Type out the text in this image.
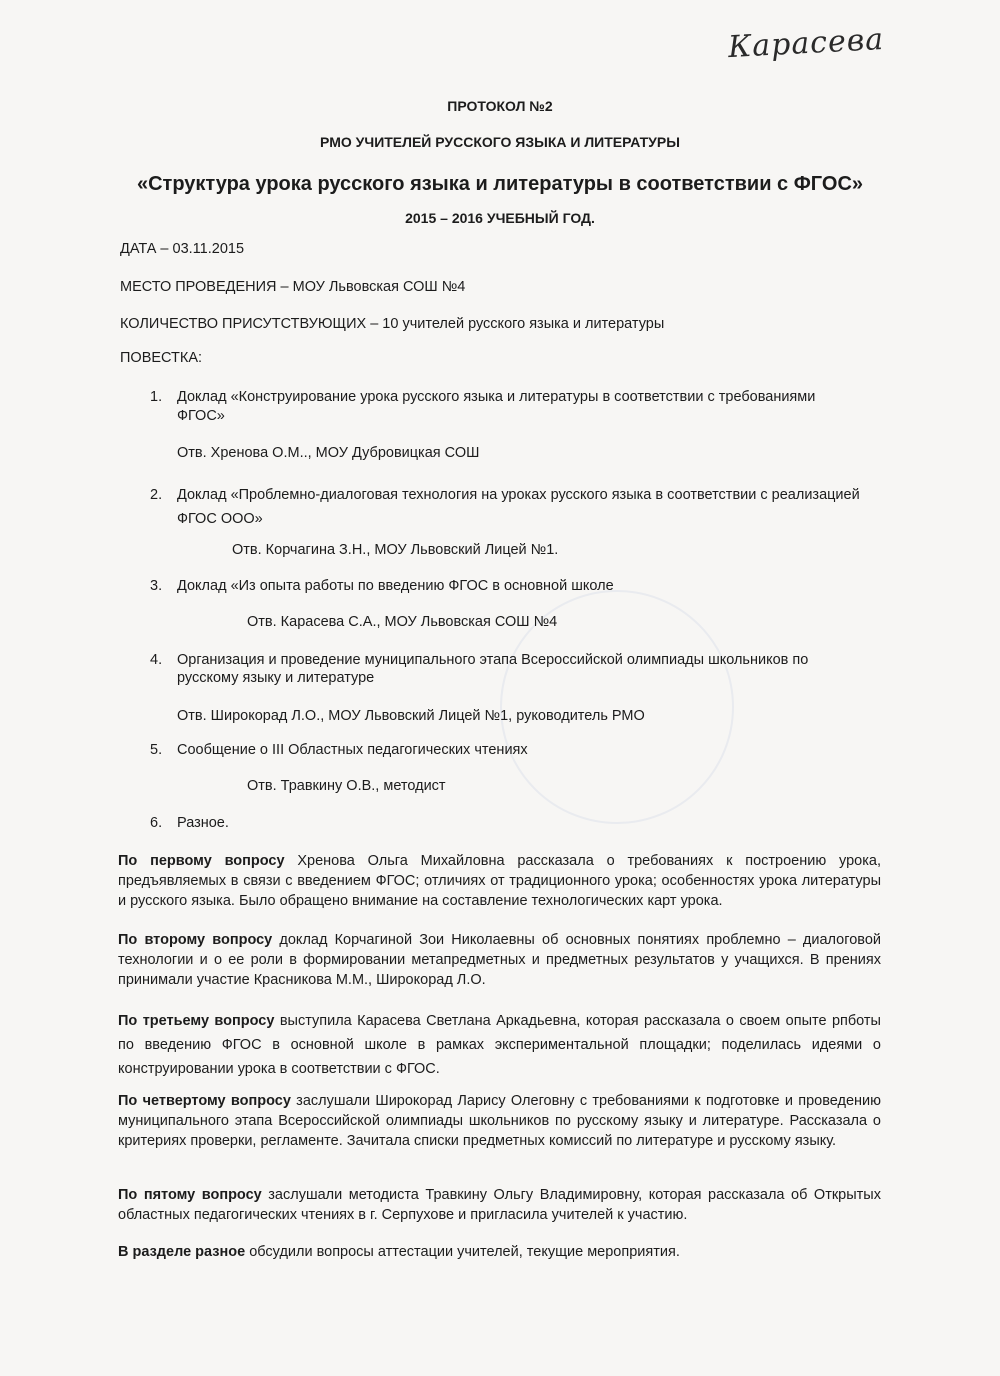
Карасева
ПРОТОКОЛ №2
РМО УЧИТЕЛЕЙ РУССКОГО ЯЗЫКА И ЛИТЕРАТУРЫ
«Структура урока русского языка и литературы в соответствии с ФГОС»
2015 – 2016 УЧЕБНЫЙ ГОД.
ДАТА – 03.11.2015
МЕСТО ПРОВЕДЕНИЯ – МОУ Львовская СОШ №4
КОЛИЧЕСТВО ПРИСУТСТВУЮЩИХ – 10 учителей русского языка и литературы
ПОВЕСТКА:
1. Доклад «Конструирование урока русского языка и литературы в соответствии с требованиями
ФГОС»
Отв. Хренова О.М.., МОУ Дубровицкая СОШ
2. Доклад «Проблемно-диалоговая технология на уроках русского языка в соответствии с реализацией
ФГОС ООО»
Отв. Корчагина З.Н., МОУ Львовский Лицей №1.
3. Доклад «Из опыта работы по введению ФГОС в основной школе
Отв. Карасева С.А., МОУ Львовская СОШ №4
4. Организация и проведение муниципального этапа Всероссийской олимпиады школьников по
русскому языку и литературе
Отв. Широкорад Л.О., МОУ Львовский Лицей №1, руководитель РМО
5. Сообщение о III Областных педагогических чтениях
Отв. Травкину О.В., методист
6. Разное.
По первому вопросу Хренова Ольга Михайловна рассказала о требованиях к построению урока, предъявляемых в связи с введением ФГОС; отличиях от традиционного урока; особенностях урока литературы и русского языка. Было обращено внимание на составление технологических карт урока.
По второму вопросу доклад Корчагиной Зои Николаевны об основных понятиях проблемно – диалоговой технологии и о ее роли в формировании метапредметных и предметных результатов у учащихся. В прениях принимали участие Красникова М.М., Широкорад Л.О.
По третьему вопросу выступила Карасева Светлана Аркадьевна, которая рассказала о своем опыте рпботы по введению ФГОС в основной школе в рамках экспериментальной площадки; поделилась идеями о конструировании урока в соответствии с ФГОС.
По четвертому вопросу заслушали Широкорад Ларису Олеговну с требованиями к подготовке и проведению муниципального этапа Всероссийской олимпиады школьников по русскому языку и литературе. Рассказала о критериях проверки, регламенте. Зачитала списки предметных комиссий по литературе и русскому языку.
По пятому вопросу заслушали методиста Травкину Ольгу Владимировну, которая рассказала об Открытых областных педагогических чтениях в г. Серпухове и пригласила учителей к участию.
В разделе разное обсудили вопросы аттестации учителей, текущие мероприятия.
